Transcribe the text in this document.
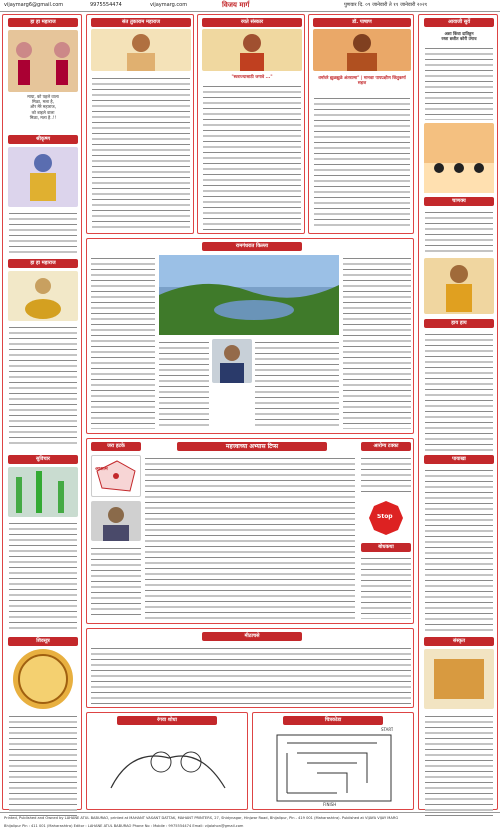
vijaymarg6@gmail.com	9975554474	vijaymarg.com	विजय मार्ग	पुणवार दि. ०९ जानेवारी ते ११ जानेवारी २०२१
हा हा महाराज
माया, को पहले वाला
मिळा, मला है,
और मेरे महाराज,
को बाहले वाला
मिळा, मला है..!!
श्रीकृष्ण
हा हा महाराज
सुविचार
शिवसूत्र
संत तुकाराम महाराज	रयते संस्कार
"स्वराज्यासाठी जगावे ..."
डॉ. पाषाण
धर्मावरे झुळझुळे अंतरात्मा" | मानवाः पापप्रक्षीण किंतुकर्मा सहज
रामगंधरात किल्ला
महत्त्वाच्या अभ्यास टिप्स
जरा हटके	आरोग्य टक्का
आसाम
Stop
बोधकथा
मीठाचसे
रंगवा शोधा	चित्रकोडा
START
FINISH
आवाजी सुर्वे
अशा किंवा दातिहून
रस्ता छतीत कोरी उगाव
चाणक्य
हाय हाय
पायाखा
संस्कृत
Printed, Published and Owned by LAHANE ATUL BABURAO, printed at MAHANT VASANT DATTAK, MAHANT PRINTERS, 27, Shidynagar, Hinjwar Road, Bhijalipur, Pin - 419 001 (Maharashtra). Published at VIJAYA VIJAY MARG
Bhijalipur Pin : 411 001 (Maharashtra) Editor : LAHANE ATUL BABURAO Phone No : Mobile : 9975554474 Email: vijalahon@gmail.com
